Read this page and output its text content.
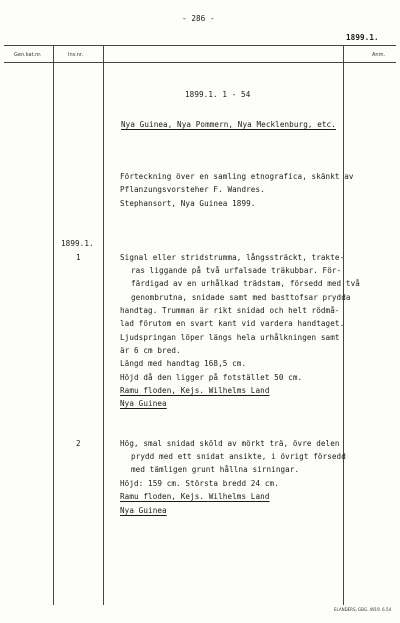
- 286 -
1899.1.
Gen.kat.nr.	Inv.nr.	Anm.
1899.1. 1 - 54
Nya Guinea, Nya Pommern, Nya Mecklenburg, etc.
Förteckning över en samling etnografica, skänkt av
Pflanzungsvorsteher F. Wandres.
Stephansort, Nya Guinea 1899.
1899.1.
1	Signal eller stridstrumma, långssträckt, trakte-
ras liggande på två urfalsade träkubbar. För-
färdigad av en urhålkad trädstam, försedd med två
genombrutna, snidade samt med basttofsar prydda
handtag. Trumman är rikt snidad och helt rödmå-
lad förutom en svart kant vid vardera handtaget.
Ljudspringan löper längs hela urhålkningen samt
är 6 cm bred.
Längd med handtag 168,5 cm.
Höjd då den ligger på fotstället 50 cm.
Ramu floden, Kejs. Wilhelms Land
Nya Guinea
2	Hög, smal snidad sköld av mörkt trä, övre delen
prydd med ett snidat ansikte, i övrigt försedd
med tämligen grunt hållna sirningar.
Höjd: 159 cm. Största bredd 24 cm.
Ramu floden, Kejs. Wilhelms Land
Nya Guinea
ELANDERS, GBG. 4919. 6.54
